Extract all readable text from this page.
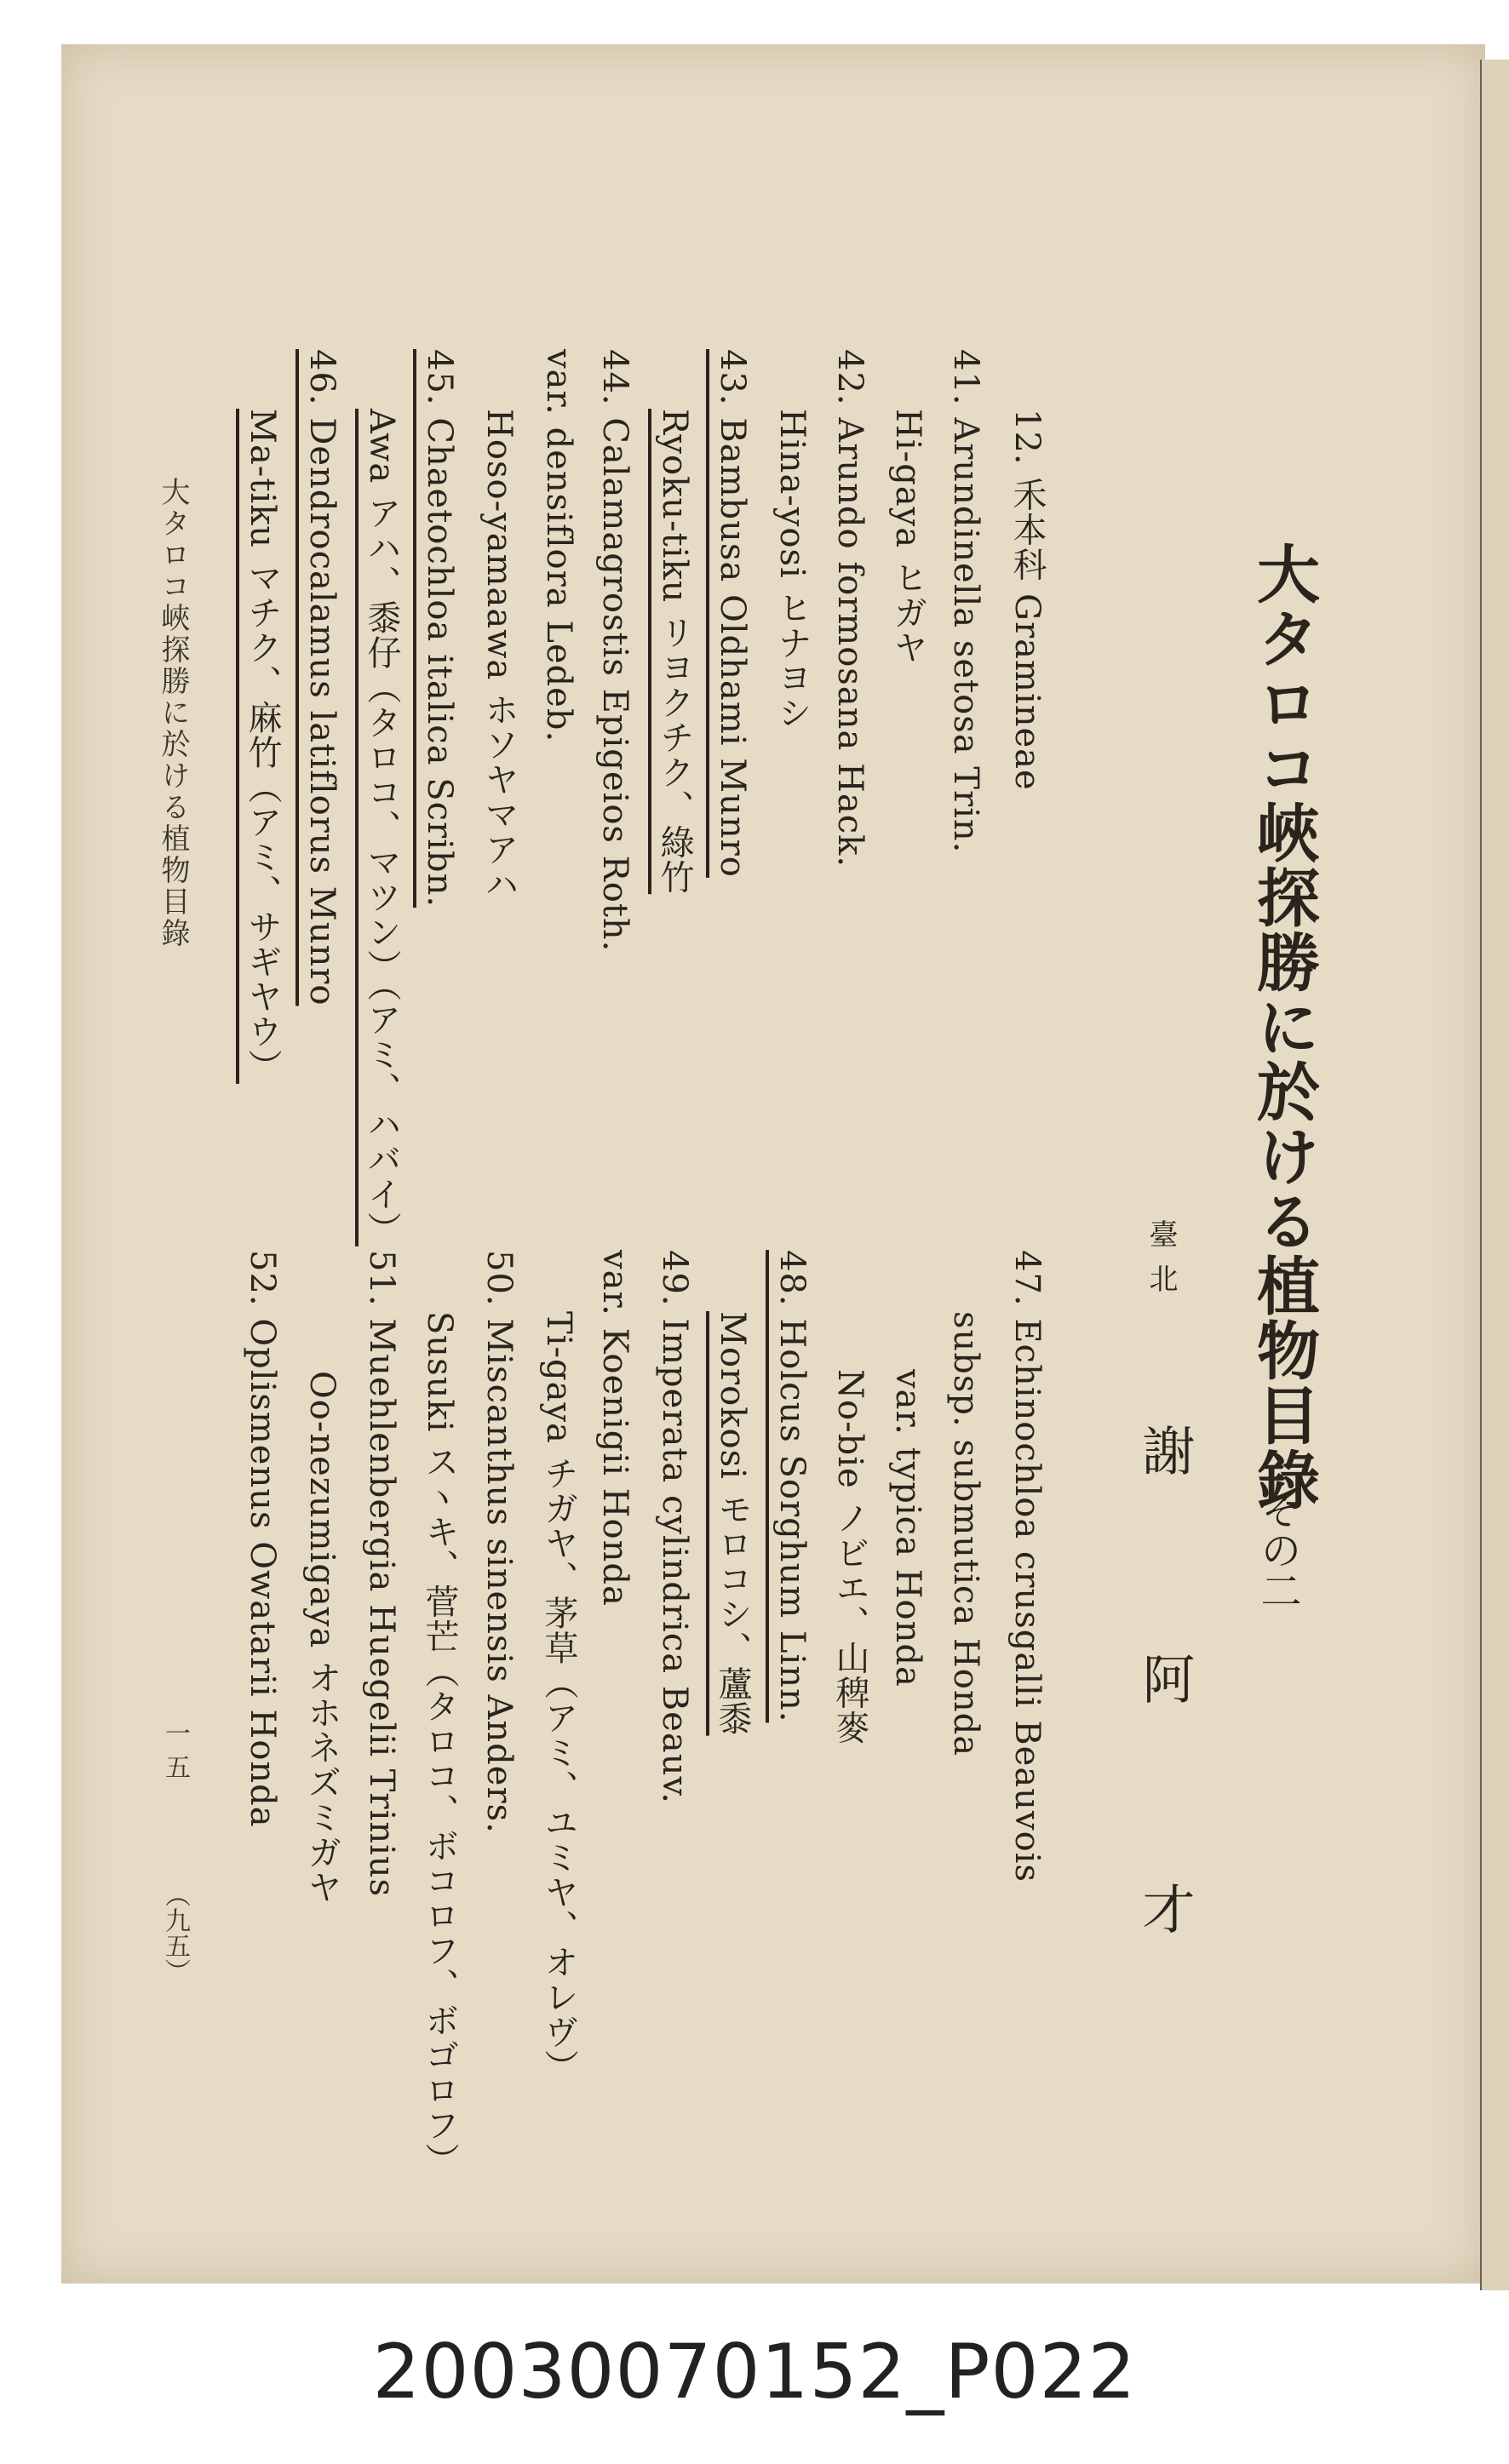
大タロコ峽探勝に於ける植物目錄
その二
臺北
謝
阿
才
12. 禾本科 Gramineae
41. Arundinella setosa Trin.
Hi-gaya ヒガヤ
42. Arundo formosana Hack.
Hina-yosi ヒナヨシ
43. Bambusa Oldhami Munro
Ryoku-tiku リヨクチク、綠竹
44. Calamagrostis Epigeios Roth.
var. densiflora Ledeb.
Hoso-yamaawa ホソヤマアハ
45. Chaetochloa italica Scribn.
Awa アハ、黍仔（タロコ、マツン）（アミ、ハバイ）
46. Dendrocalamus latiflorus Munro
Ma-tiku マチク、麻竹（アミ、サギヤウ）
47. Echinochloa crusgalli Beauvois
subsp. submutica Honda
var. typica Honda
No-bie ノビエ、山稗麥
48. Holcus Sorghum Linn.
Morokosi モロコシ、蘆黍
49. Imperata cylindrica Beauv.
var. Koenigii Honda
Ti-gaya チガヤ、茅草（アミ、ユミヤ、オレヴ）
50. Miscanthus sinensis Anders.
Susuki スヽキ、菅芒（タロコ、ボコロフ、ボゴロフ）
51. Muehlenbergia Huegelii Trinius
Oo-nezumigaya オホネズミガヤ
52. Oplismenus Owatarii Honda
大タロコ峽探勝に於ける植物目錄
一五
（九五）
20030070152_P022
